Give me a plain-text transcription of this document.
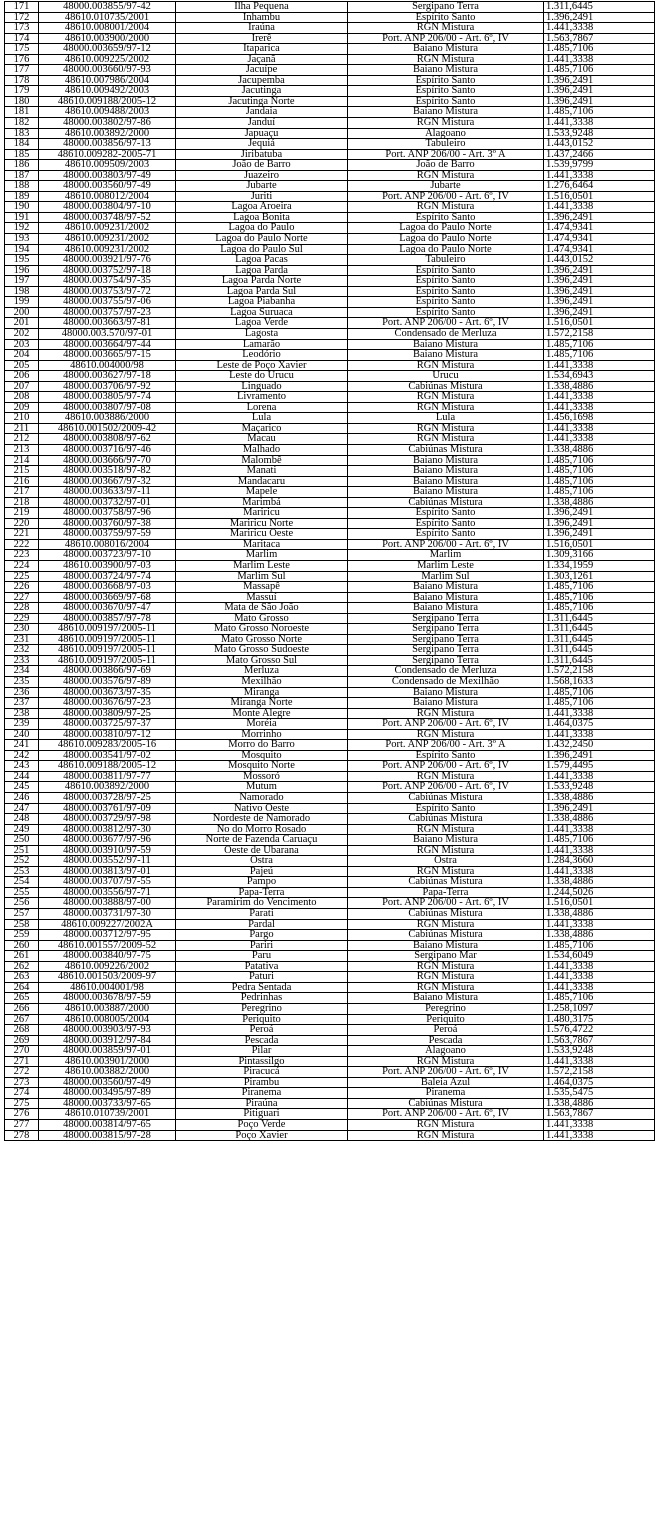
171	48000.003855/97-42	Ilha Pequena	Sergipano Terra	1.311,6445
172	48610.010735/2001	Inhambu	Espírito Santo	1.396,2491
173	48610.008001/2004	Iraúna	RGN Mistura	1.441,3338
174	48610.003900/2000	Irerê	Port. ANP 206/00 - Art. 6º, IV	1.563,7867
175	48000.003659/97-12	Itaparica	Baiano Mistura	1.485,7106
176	48610.009225/2002	Jaçanã	RGN Mistura	1.441,3338
177	48000.003660/97-93	Jacuípe	Baiano Mistura	1.485,7106
178	48610.007986/2004	Jacupemba	Espírito Santo	1.396,2491
179	48610.009492/2003	Jacutinga	Espírito Santo	1.396,2491
180	48610.009188/2005-12	Jacutinga Norte	Espírito Santo	1.396,2491
181	48610.009488/2003	Jandaia	Baiano Mistura	1.485,7106
182	48000.003802/97-86	Janduí	RGN Mistura	1.441,3338
183	48610.003892/2000	Japuaçu	Alagoano	1.533,9248
184	48000.003856/97-13	Jequiá	Tabuleiro	1.443,0152
185	48610.009282-2005-71	Jiribatuba	Port. ANP 206/00 - Art. 3º A	1.437,2466
186	48610.009509/2003	João de Barro	João de Barro	1.539,9799
187	48000.003803/97-49	Juazeiro	RGN Mistura	1.441,3338
188	48000.003560/97-49	Jubarte	Jubarte	1.276,6464
189	48610.008012/2004	Juriti	Port. ANP 206/00 - Art. 6º, IV	1.516,0501
190	48000.003804/97-10	Lagoa Aroeira	RGN Mistura	1.441,3338
191	48000.003748/97-52	Lagoa Bonita	Espírito Santo	1.396,2491
192	48610.009231/2002	Lagoa do Paulo	Lagoa do Paulo Norte	1.474,9341
193	48610.009231/2002	Lagoa do Paulo Norte	Lagoa do Paulo Norte	1.474,9341
194	48610.009231/2002	Lagoa do Paulo Sul	Lagoa do Paulo Norte	1.474,9341
195	48000.003921/97-76	Lagoa Pacas	Tabuleiro	1.443,0152
196	48000.003752/97-18	Lagoa Parda	Espírito Santo	1.396,2491
197	48000.003754/97-35	Lagoa Parda Norte	Espírito Santo	1.396,2491
198	48000.003753/97-72	Lagoa Parda Sul	Espírito Santo	1.396,2491
199	48000.003755/97-06	Lagoa Piabanha	Espírito Santo	1.396,2491
200	48000.003757/97-23	Lagoa Suruaca	Espírito Santo	1.396,2491
201	48000.003663/97-81	Lagoa Verde	Port. ANP 206/00 - Art. 6º, IV	1.516,0501
202	48000.003.570/97-01	Lagosta	Condensado de Merluza	1.572,2158
203	48000.003664/97-44	Lamarão	Baiano Mistura	1.485,7106
204	48000.003665/97-15	Leodório	Baiano Mistura	1.485,7106
205	48610.004000/98	Leste de Poço Xavier	RGN Mistura	1.441,3338
206	48000.003627/97-18	Leste do Urucu	Urucu	1.534,6943
207	48000.003706/97-92	Linguado	Cabiúnas Mistura	1.338,4886
208	48000.003805/97-74	Livramento	RGN Mistura	1.441,3338
209	48000.003807/97-08	Lorena	RGN Mistura	1.441,3338
210	48610.003886/2000	Lula	Lula	1.456,1698
211	48610.001502/2009-42	Maçarico	RGN Mistura	1.441,3338
212	48000.003808/97-62	Macau	RGN Mistura	1.441,3338
213	48000.003716/97-46	Malhado	Cabiúnas Mistura	1.338,4886
214	48000.003666/97-70	Malombê	Baiano Mistura	1.485,7106
215	48000.003518/97-82	Manati	Baiano Mistura	1.485,7106
216	48000.003667/97-32	Mandacaru	Baiano Mistura	1.485,7106
217	48000.003633/97-11	Mapele	Baiano Mistura	1.485,7106
218	48000.003732/97-01	Marimbá	Cabiúnas Mistura	1.338,4886
219	48000.003758/97-96	Mariricu	Espírito Santo	1.396,2491
220	48000.003760/97-38	Mariricu Norte	Espírito Santo	1.396,2491
221	48000.003759/97-59	Mariricu Oeste	Espírito Santo	1.396,2491
222	48610.008016/2004	Maritaca	Port. ANP 206/00 - Art. 6º, IV	1.516,0501
223	48000.003723/97-10	Marlim	Marlim	1.309,3166
224	48610.003900/97-03	Marlim Leste	Marlim Leste	1.334,1959
225	48000.003724/97-74	Marlim Sul	Marlim Sul	1.303,1261
226	48000.003668/97-03	Massapê	Baiano Mistura	1.485,7106
227	48000.003669/97-68	Massuí	Baiano Mistura	1.485,7106
228	48000.003670/97-47	Mata de São João	Baiano Mistura	1.485,7106
229	48000.003857/97-78	Mato Grosso	Sergipano Terra	1.311,6445
230	48610.009197/2005-11	Mato Grosso Noroeste	Sergipano Terra	1.311,6445
231	48610.009197/2005-11	Mato Grosso Norte	Sergipano Terra	1.311,6445
232	48610.009197/2005-11	Mato Grosso Sudoeste	Sergipano Terra	1.311,6445
233	48610.009197/2005-11	Mato Grosso Sul	Sergipano Terra	1.311,6445
234	48000.003866/97-69	Merluza	Condensado de Merluza	1.572,2158
235	48000.003576/97-89	Mexilhão	Condensado de Mexilhão	1.568,1633
236	48000.003673/97-35	Miranga	Baiano Mistura	1.485,7106
237	48000.003676/97-23	Miranga Norte	Baiano Mistura	1.485,7106
238	48000.003809/97-25	Monte Alegre	RGN Mistura	1.441,3338
239	48000.003725/97-37	Moréia	Port. ANP 206/00 - Art. 6º, IV	1.464,0375
240	48000.003810/97-12	Morrinho	RGN Mistura	1.441,3338
241	48610.009283/2005-16	Morro do Barro	Port. ANP 206/00 - Art. 3º A	1.432,2450
242	48000.003541/97-02	Mosquito	Espírito Santo	1.396,2491
243	48610.009188/2005-12	Mosquito Norte	Port. ANP 206/00 - Art. 6º, IV	1.579,4495
244	48000.003811/97-77	Mossoró	RGN Mistura	1.441,3338
245	48610.003892/2000	Mutum	Port. ANP 206/00 - Art. 6º, IV	1.533,9248
246	48000.003728/97-25	Namorado	Cabiúnas Mistura	1.338,4886
247	48000.003761/97-09	Nativo Oeste	Espírito Santo	1.396,2491
248	48000.003729/97-98	Nordeste de Namorado	Cabiúnas Mistura	1.338,4886
249	48000.003812/97-30	No do Morro Rosado	RGN Mistura	1.441,3338
250	48000.003677/97-96	Norte de Fazenda Caruaçu	Baiano Mistura	1.485,7106
251	48000.003910/97-59	Oeste de Ubarana	RGN Mistura	1.441,3338
252	48000.003552/97-11	Ostra	Ostra	1.284,3660
253	48000.003813/97-01	Pajeú	RGN Mistura	1.441,3338
254	48000.003707/97-55	Pampo	Cabiúnas Mistura	1.338,4886
255	48000.003556/97-71	Papa-Terra	Papa-Terra	1.244,5026
256	48000.003888/97-00	Paramirim do Vencimento	Port. ANP 206/00 - Art. 6º, IV	1.516,0501
257	48000.003731/97-30	Parati	Cabiúnas Mistura	1.338,4886
258	48610.009227/2002A	Pardal	RGN Mistura	1.441,3338
259	48000.003712/97-95	Pargo	Cabiúnas Mistura	1.338,4886
260	48610.001557/2009-52	Pariri	Baiano Mistura	1.485,7106
261	48000.003840/97-75	Paru	Sergipano Mar	1.534,6049
262	48610.009226/2002	Patativa	RGN Mistura	1.441,3338
263	48610.001503/2009-97	Paturi	RGN Mistura	1.441,3338
264	48610.004001/98	Pedra Sentada	RGN Mistura	1.441,3338
265	48000.003678/97-59	Pedrinhas	Baiano Mistura	1.485,7106
266	48610.003887/2000	Peregrino	Peregrino	1.258,1097
267	48610.008005/2004	Periquito	Periquito	1.480,3175
268	48000.003903/97-93	Peroá	Peroá	1.576,4722
269	48000.003912/97-84	Pescada	Pescada	1.563,7867
270	48000.003859/97-01	Pilar	Alagoano	1.533,9248
271	48610.003901/2000	Pintassilgo	RGN Mistura	1.441,3338
272	48610.003882/2000	Piracucá	Port. ANP 206/00 - Art. 6º, IV	1.572,2158
273	48000.003560/97-49	Pirambu	Baleia Azul	1.464,0375
274	48000.003495/97-89	Piranema	Piranema	1.535,5475
275	48000.003733/97-65	Piraúna	Cabiúnas Mistura	1.338,4886
276	48610.010739/2001	Pitiguari	Port. ANP 206/00 - Art. 6º, IV	1.563,7867
277	48000.003814/97-65	Poço Verde	RGN Mistura	1.441,3338
278	48000.003815/97-28	Poço Xavier	RGN Mistura	1.441,3338
